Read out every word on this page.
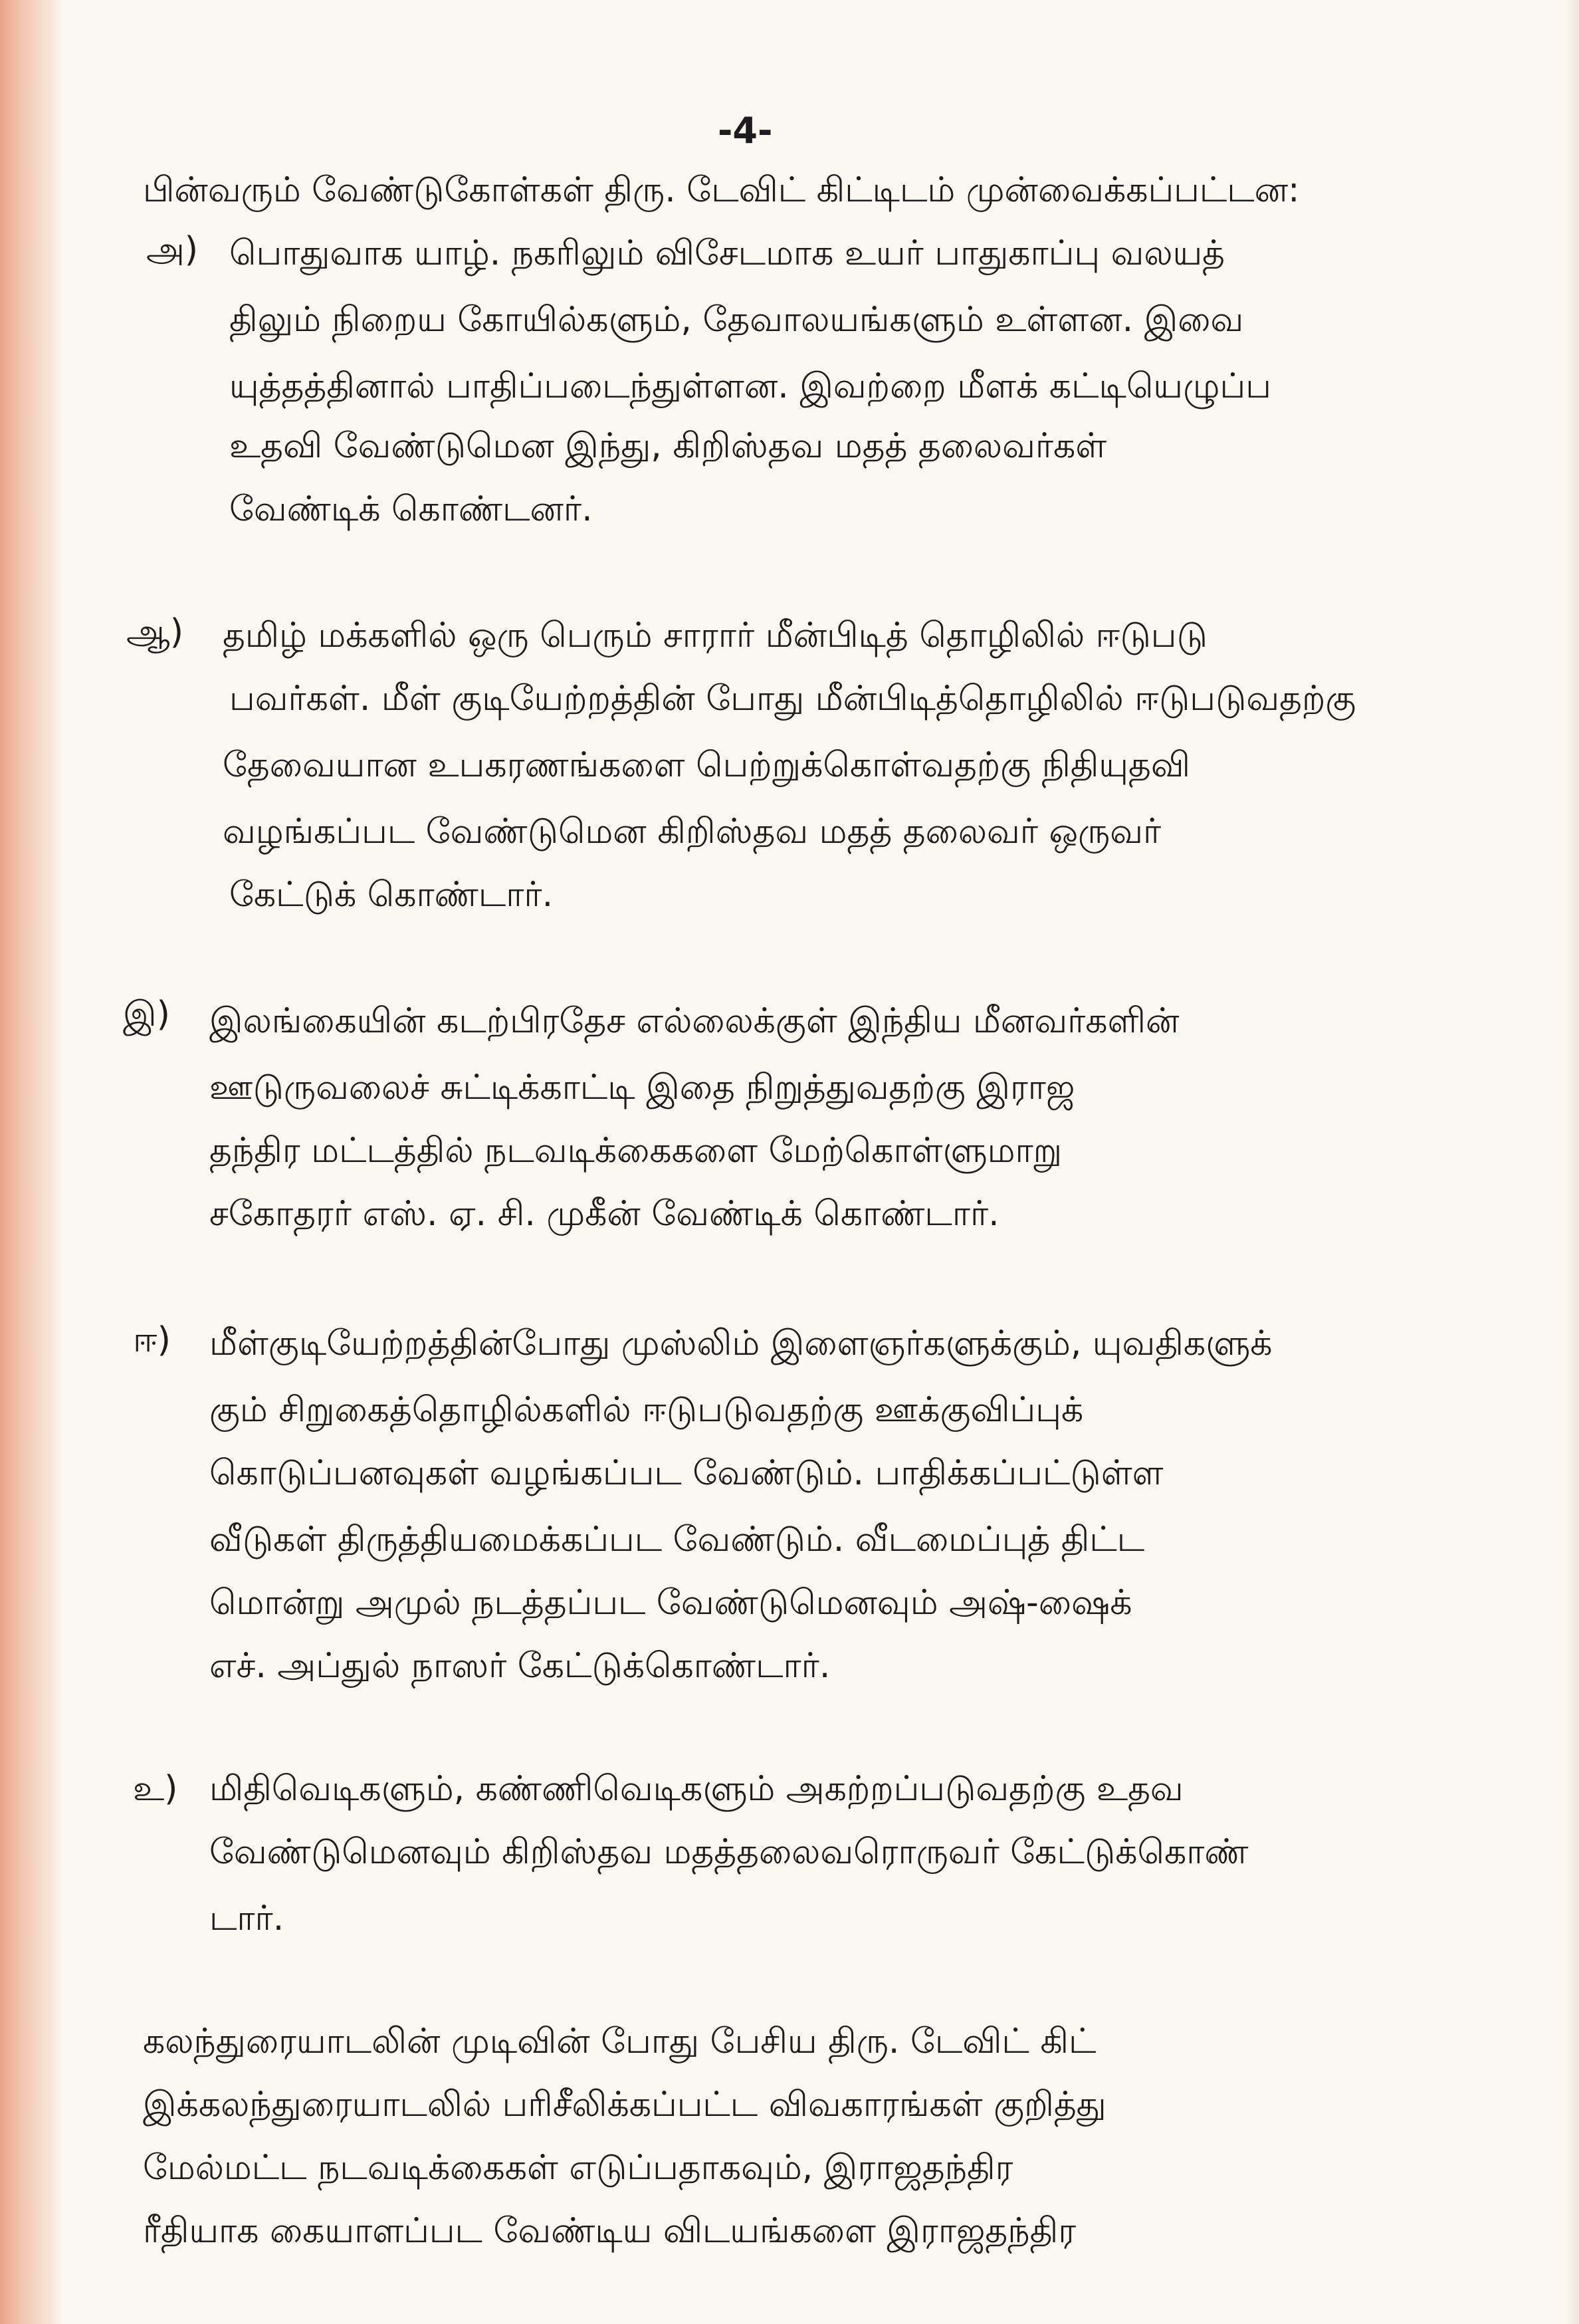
-4-

பின்வரும் வேண்டுகோள்கள் திரு. டேவிட் கிட்டிடம் முன்வைக்கப்பட்டன:

அ) பொதுவாக யாழ். நகரிலும் விசேடமாக உயர் பாதுகாப்பு வலயத்

திலும் நிறைய கோயில்களும், தேவாலயங்களும் உள்ளன. இவை

யுத்தத்தினால் பாதிப்படைந்துள்ளன. இவற்றை மீளக் கட்டியெழுப்ப

உதவி வேண்டுமென இந்து, கிறிஸ்தவ மதத் தலைவர்கள்

வேண்டிக் கொண்டனர்.

ஆ) தமிழ் மக்களில் ஒரு பெரும் சாரார் மீன்பிடித் தொழிலில் ஈடுபடு

பவர்கள். மீள் குடியேற்றத்தின் போது மீன்பிடித்தொழிலில் ஈடுபடுவதற்கு

தேவையான உபகரணங்களை பெற்றுக்கொள்வதற்கு நிதியுதவி

வழங்கப்பட வேண்டுமென கிறிஸ்தவ மதத் தலைவர் ஒருவர்

கேட்டுக் கொண்டார்.

இ) இலங்கையின் கடற்பிரதேச எல்லைக்குள் இந்திய மீனவர்களின்

ஊடுருவலைச் சுட்டிக்காட்டி இதை நிறுத்துவதற்கு இராஜ

தந்திர மட்டத்தில் நடவடிக்கைகளை மேற்கொள்ளுமாறு

சகோதரர் எஸ். ஏ. சி. முகீன் வேண்டிக் கொண்டார்.

ஈ) மீள்குடியேற்றத்தின்போது முஸ்லிம் இளைஞர்களுக்கும், யுவதிகளுக்

கும் சிறுகைத்தொழில்களில் ஈடுபடுவதற்கு ஊக்குவிப்புக்

கொடுப்பனவுகள் வழங்கப்பட வேண்டும். பாதிக்கப்பட்டுள்ள

வீடுகள் திருத்தியமைக்கப்பட வேண்டும். வீடமைப்புத் திட்ட

மொன்று அமுல் நடத்தப்பட வேண்டுமெனவும் அஷ்-ஷைக்

எச். அப்துல் நாஸர் கேட்டுக்கொண்டார்.

உ) மிதிவெடிகளும், கண்ணிவெடிகளும் அகற்றப்படுவதற்கு உதவ

வேண்டுமெனவும் கிறிஸ்தவ மதத்தலைவரொருவர் கேட்டுக்கொண்

டார்.

கலந்துரையாடலின் முடிவின் போது பேசிய திரு. டேவிட் கிட்

இக்கலந்துரையாடலில் பரிசீலிக்கப்பட்ட விவகாரங்கள் குறித்து

மேல்மட்ட நடவடிக்கைகள் எடுப்பதாகவும், இராஜதந்திர

ரீதியாக கையாளப்பட வேண்டிய விடயங்களை இராஜதந்திர
